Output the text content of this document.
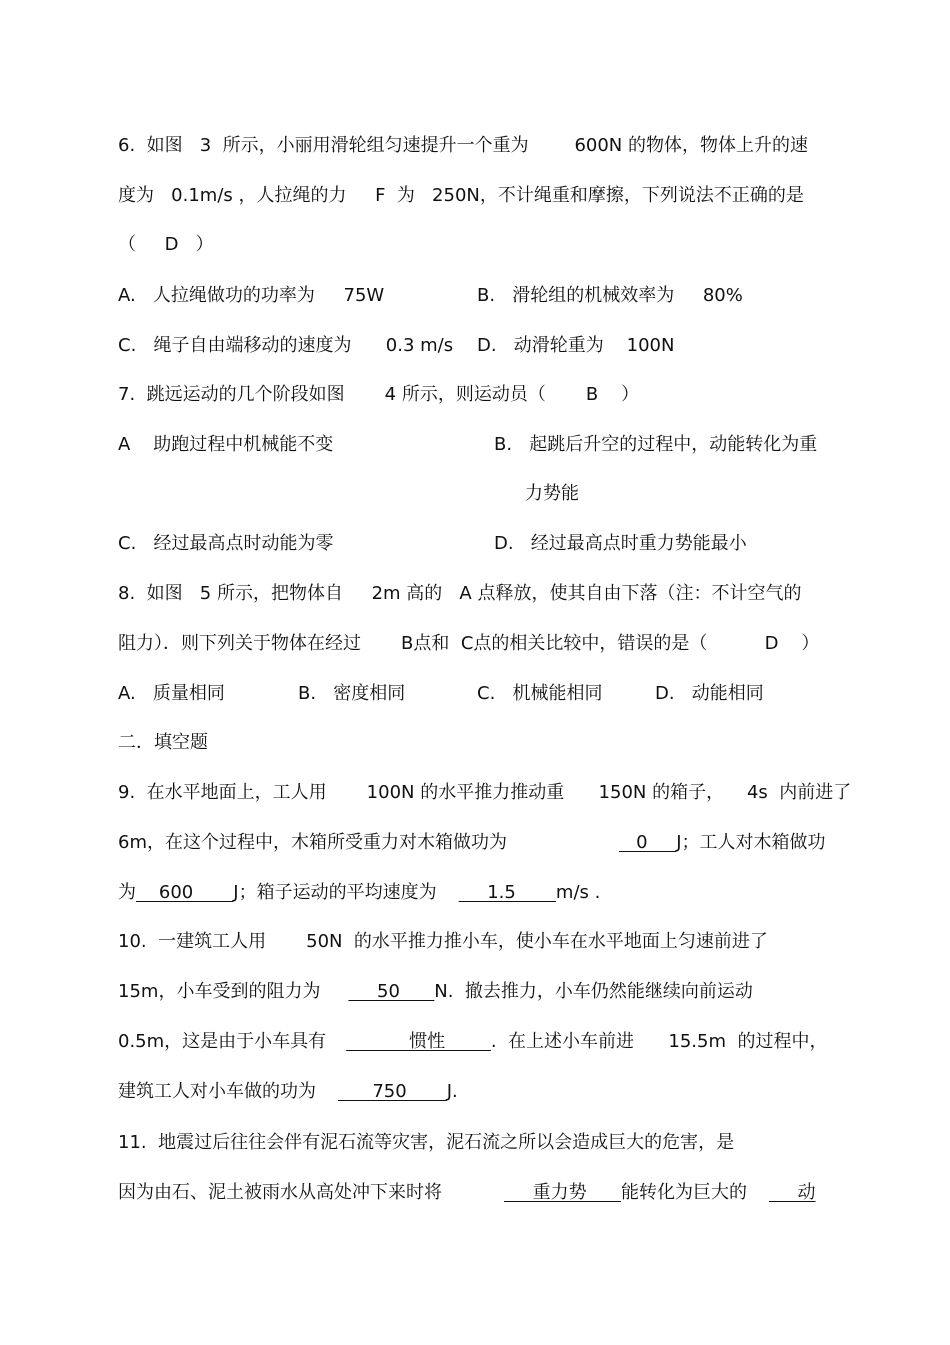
6.  如图   3  所示，小丽用滑轮组匀速提升一个重为        600N 的物体，物体上升的速
度为   0.1m/s ，人拉绳的力     F  为   250N，不计绳重和摩擦，下列说法不正确的是
（     D   ）
A.   人拉绳做功的功率为     75W	B.   滑轮组的机械效率为     80%
C.   绳子自由端移动的速度为      0.3 m/s D.   动滑轮重为    100N
7.  跳远运动的几个阶段如图       4 所示，则运动员（       B    ）
A    助跑过程中机械能不变	B.   起跳后升空的过程中，动能转化为重
力势能
C.   经过最高点时动能为零	D.   经过最高点时重力势能最小
8.  如图   5 所示，把物体自     2m 高的   A 点释放，使其自由下落（注：不计空气的
阻力）．则下列关于物体在经过       B点和  C点的相关比较中，错误的是（          D    ）
A.   质量相同	B.   密度相同	C.   机械能相同	D.   动能相同
二．填空题
9.  在水平地面上，工人用       100N 的水平推力推动重      150N 的箱子，    4s  内前进了
6m，在这个过程中，木箱所受重力对木箱做功为	0     J；工人对木箱做功
为    600       J；箱子运动的平均速度为     1.5       m/s .
10.  一建筑工人用       50N  的水平推力推小车，使小车在水平地面上匀速前进了
15m，小车受到的阻力为     50      N.  撤去推力，小车仍然能继续向前运动
0.5m，这是由于小车具有           惯性        .  在上述小车前进      15.5m  的过程中，
建筑工人对小车做的功为      750       J.
11.  地震过后往往会伴有泥石流等灾害，泥石流之所以会造成巨大的危害，是
因为由石、泥土被雨水从高处冲下来时将	重力势      能转化为巨大的     动
